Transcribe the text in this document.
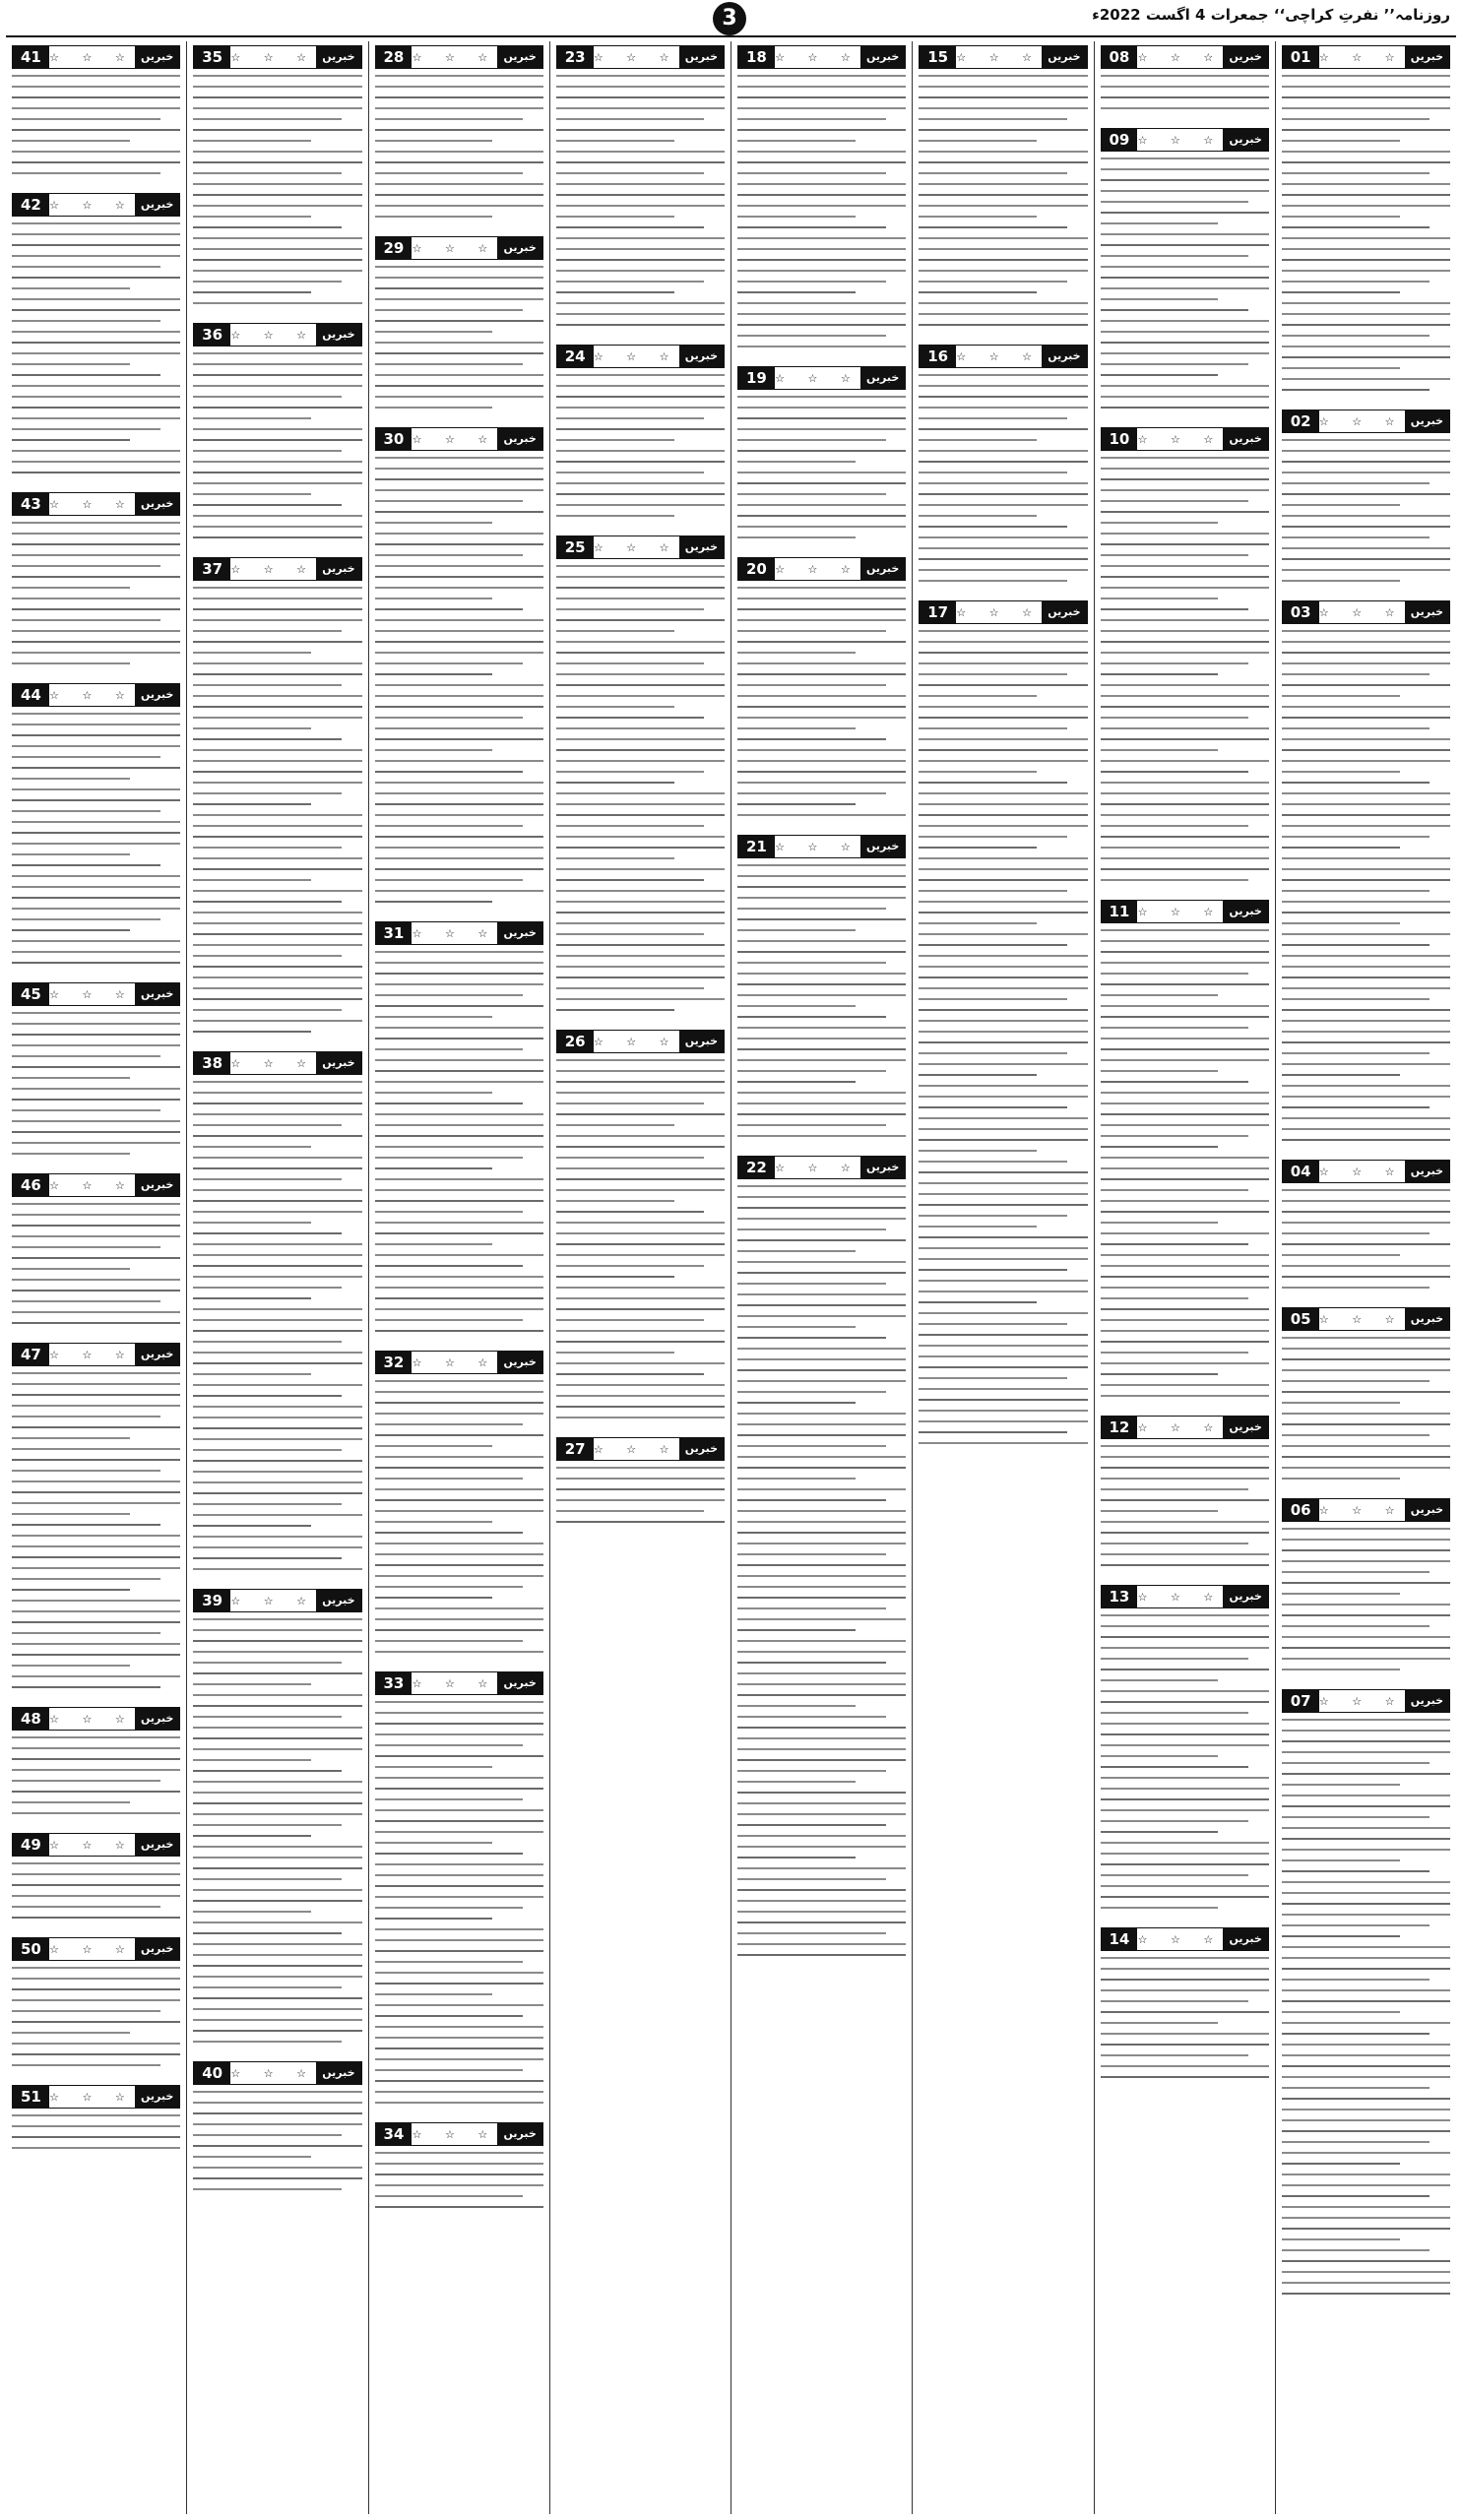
روزنامہ’’ نفرتِ کراچی‘‘ جمعرات 4 اگست 2022ء
3
01 ☆ ☆ ☆ خبریں
02 ☆ ☆ ☆ خبریں
03 ☆ ☆ ☆ خبریں
04 ☆ ☆ ☆ خبریں
05 ☆ ☆ ☆ خبریں
06 ☆ ☆ ☆ خبریں
07 ☆ ☆ ☆ خبریں
08 ☆ ☆ ☆ خبریں
09 ☆ ☆ ☆ خبریں
10 ☆ ☆ ☆ خبریں
11 ☆ ☆ ☆ خبریں
12 ☆ ☆ ☆ خبریں
13 ☆ ☆ ☆ خبریں
14 ☆ ☆ ☆ خبریں
15 ☆ ☆ ☆ خبریں
16 ☆ ☆ ☆ خبریں
17 ☆ ☆ ☆ خبریں
18 ☆ ☆ ☆ خبریں
19 ☆ ☆ ☆ خبریں
20 ☆ ☆ ☆ خبریں
21 ☆ ☆ ☆ خبریں
22 ☆ ☆ ☆ خبریں
23 ☆ ☆ ☆ خبریں
24 ☆ ☆ ☆ خبریں
25 ☆ ☆ ☆ خبریں
26 ☆ ☆ ☆ خبریں
27 ☆ ☆ ☆ خبریں
28 ☆ ☆ ☆ خبریں
29 ☆ ☆ ☆ خبریں
30 ☆ ☆ ☆ خبریں
31 ☆ ☆ ☆ خبریں
32 ☆ ☆ ☆ خبریں
33 ☆ ☆ ☆ خبریں
34 ☆ ☆ ☆ خبریں
35 ☆ ☆ ☆ خبریں
36 ☆ ☆ ☆ خبریں
37 ☆ ☆ ☆ خبریں
38 ☆ ☆ ☆ خبریں
39 ☆ ☆ ☆ خبریں
40 ☆ ☆ ☆ خبریں
41 ☆ ☆ ☆ خبریں
42 ☆ ☆ ☆ خبریں
43 ☆ ☆ ☆ خبریں
44 ☆ ☆ ☆ خبریں
45 ☆ ☆ ☆ خبریں
46 ☆ ☆ ☆ خبریں
47 ☆ ☆ ☆ خبریں
48 ☆ ☆ ☆ خبریں
49 ☆ ☆ ☆ خبریں
50 ☆ ☆ ☆ خبریں
51 ☆ ☆ ☆ خبریں
